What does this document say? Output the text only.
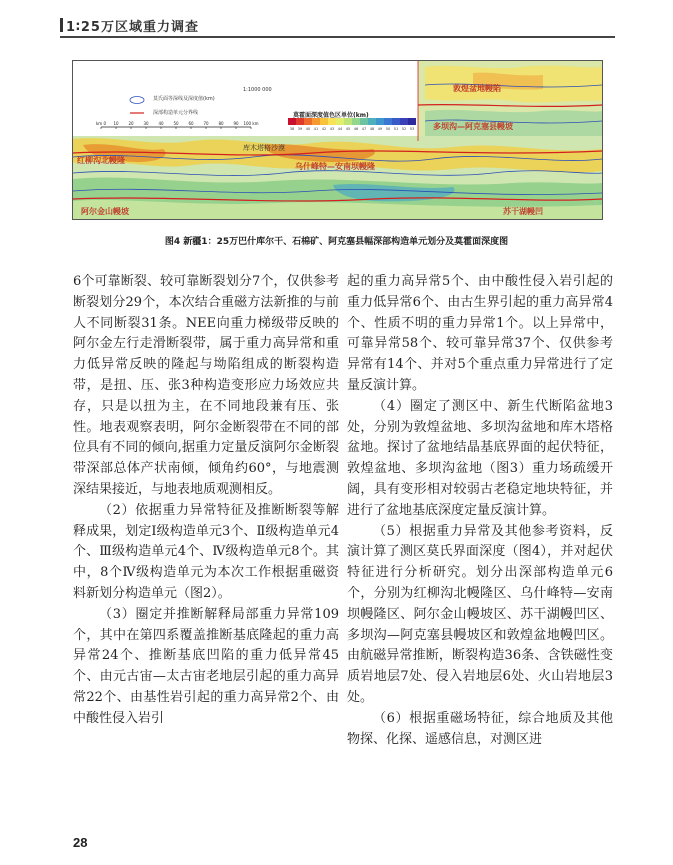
1∶25万区域重力调查
38 39 40 41 42 43 44 45 46 47 48 49 50 51 52 53
km 0 10 20 30 40 50 60 70 80 90 100 km
莫氏面等深线及深度值(km)
深部构造单元分界线
1:1000 000
莫霍面深度值色区单位(km)
敦煌盆地幔陷
多坝沟—阿克塞县幔坡
红柳沟北幔隆
库木塔格沙漠
乌什峰特—安南坝幔隆
阿尔金山幔坡	苏干湖幔凹
图4 新疆1：25万巴什库尔干、石棉矿、阿克塞县幅深部构造单元划分及莫霍面深度图

6个可靠断裂、较可靠断裂划分7个，仅供参考断裂划分29个，本次结合重磁方法新推的与前人不同断裂31条。NEE向重力梯级带反映的阿尔金左行走滑断裂带，属于重力高异常和重力低异常反映的隆起与坳陷组成的断裂构造带，是扭、压、张3种构造变形应力场效应共存，只是以扭为主，在不同地段兼有压、张性。地表观察表明，阿尔金断裂带在不同的部位具有不同的倾向,据重力定量反演阿尔金断裂带深部总体产状南倾，倾角约60°，与地震测深结果接近，与地表地质观测相反。

（2）依据重力异常特征及推断断裂等解释成果，划定Ⅰ级构造单元3个、Ⅱ级构造单元4个、Ⅲ级构造单元4个、Ⅳ级构造单元8个。其中，8个Ⅳ级构造单元为本次工作根据重磁资料新划分构造单元（图2）。

（3）圈定并推断解释局部重力异常109个，其中在第四系覆盖推断基底隆起的重力高异常24个、推断基底凹陷的重力低异常45个、由元古宙—太古宙老地层引起的重力高异常22个、由基性岩引起的重力高异常2个、由中酸性侵入岩引

起的重力高异常5个、由中酸性侵入岩引起的重力低异常6个、由古生界引起的重力高异常4个、性质不明的重力异常1个。以上异常中，可靠异常58个、较可靠异常37个、仅供参考异常有14个、并对5个重点重力异常进行了定量反演计算。

（4）圈定了测区中、新生代断陷盆地3处，分别为敦煌盆地、多坝沟盆地和库木塔格盆地。探讨了盆地结晶基底界面的起伏特征，敦煌盆地、多坝沟盆地（图3）重力场疏缓开阔，具有变形相对较弱古老稳定地块特征，并进行了盆地基底深度定量反演计算。

（5）根据重力异常及其他参考资料，反演计算了测区莫氏界面深度（图4），并对起伏特征进行分析研究。划分出深部构造单元6个，分别为红柳沟北幔隆区、乌什峰特—安南坝幔隆区、阿尔金山幔坡区、苏干湖幔凹区、多坝沟—阿克塞县幔坡区和敦煌盆地幔凹区。由航磁异常推断，断裂构造36条、含铁磁性变质岩地层7处、侵入岩地层6处、火山岩地层3处。

（6）根据重磁场特征，综合地质及其他物探、化探、遥感信息，对测区进

28
